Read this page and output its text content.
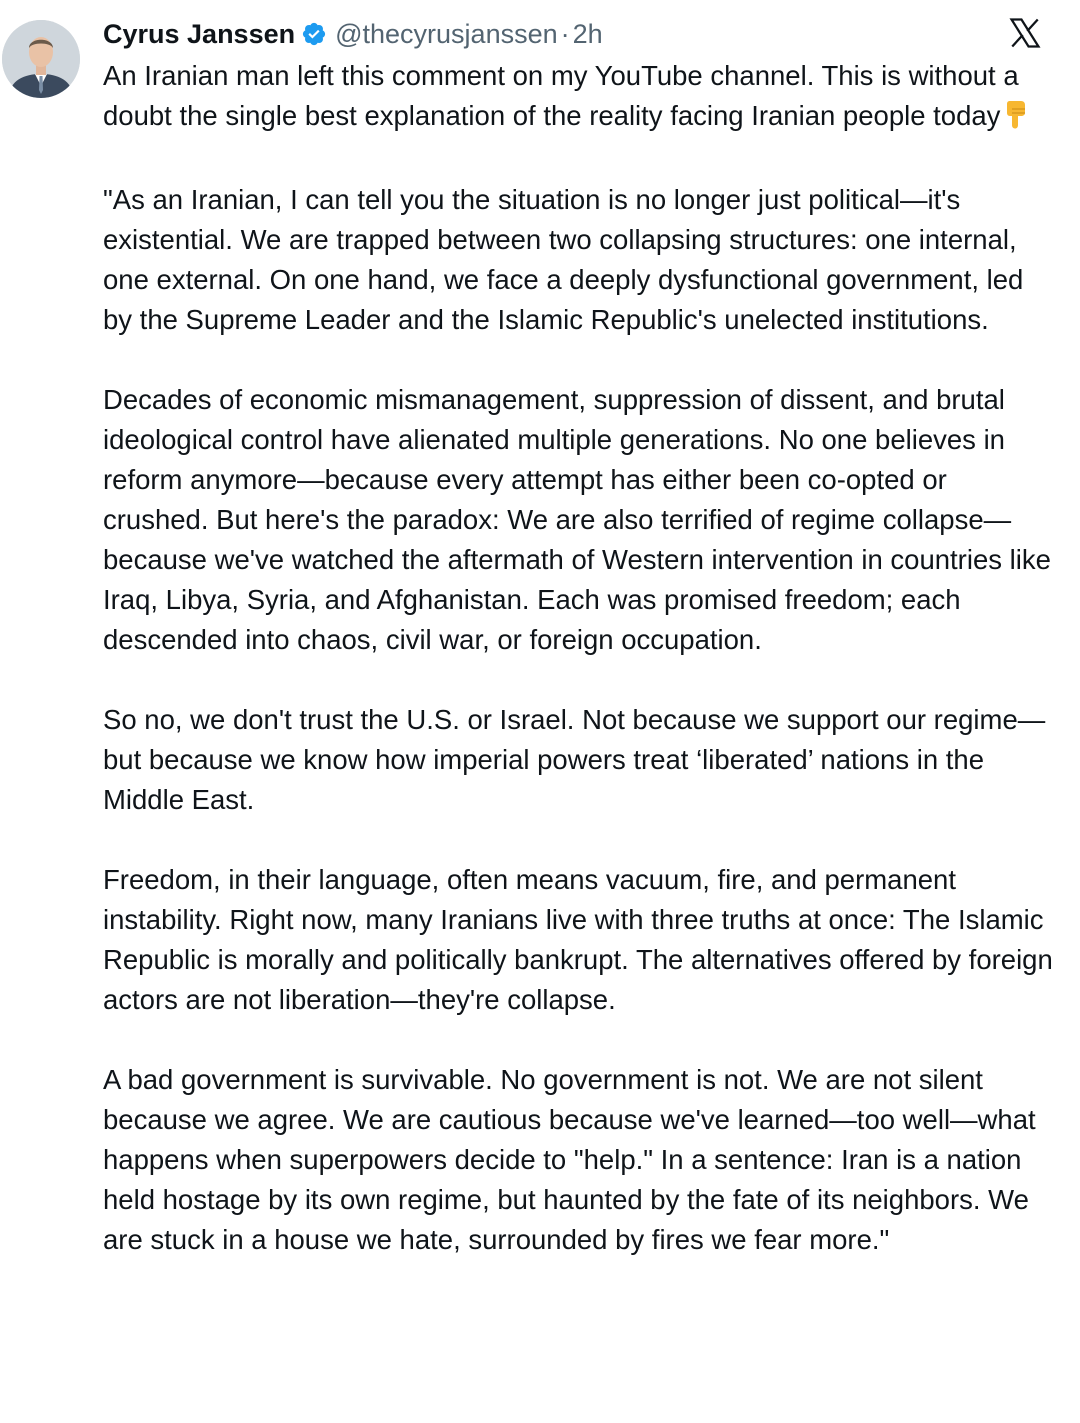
Cyrus Janssen @thecyrusjanssen · 2h

An Iranian man left this comment on my YouTube channel. This is without a doubt the single best explanation of the reality facing Iranian people today

"As an Iranian, I can tell you the situation is no longer just political—it's existential. We are trapped between two collapsing structures: one internal, one external. On one hand, we face a deeply dysfunctional government, led by the Supreme Leader and the Islamic Republic's unelected institutions.

Decades of economic mismanagement, suppression of dissent, and brutal ideological control have alienated multiple generations. No one believes in reform anymore—because every attempt has either been co-opted or crushed. But here's the paradox: We are also terrified of regime collapse—because we've watched the aftermath of Western intervention in countries like Iraq, Libya, Syria, and Afghanistan. Each was promised freedom; each descended into chaos, civil war, or foreign occupation.

So no, we don't trust the U.S. or Israel. Not because we support our regime—but because we know how imperial powers treat ‘liberated’ nations in the Middle East.

Freedom, in their language, often means vacuum, fire, and permanent instability. Right now, many Iranians live with three truths at once: The Islamic Republic is morally and politically bankrupt. The alternatives offered by foreign actors are not liberation—they're collapse.

A bad government is survivable. No government is not. We are not silent because we agree. We are cautious because we've learned—too well—what happens when superpowers decide to "help." In a sentence: Iran is a nation held hostage by its own regime, but haunted by the fate of its neighbors. We are stuck in a house we hate, surrounded by fires we fear more."
